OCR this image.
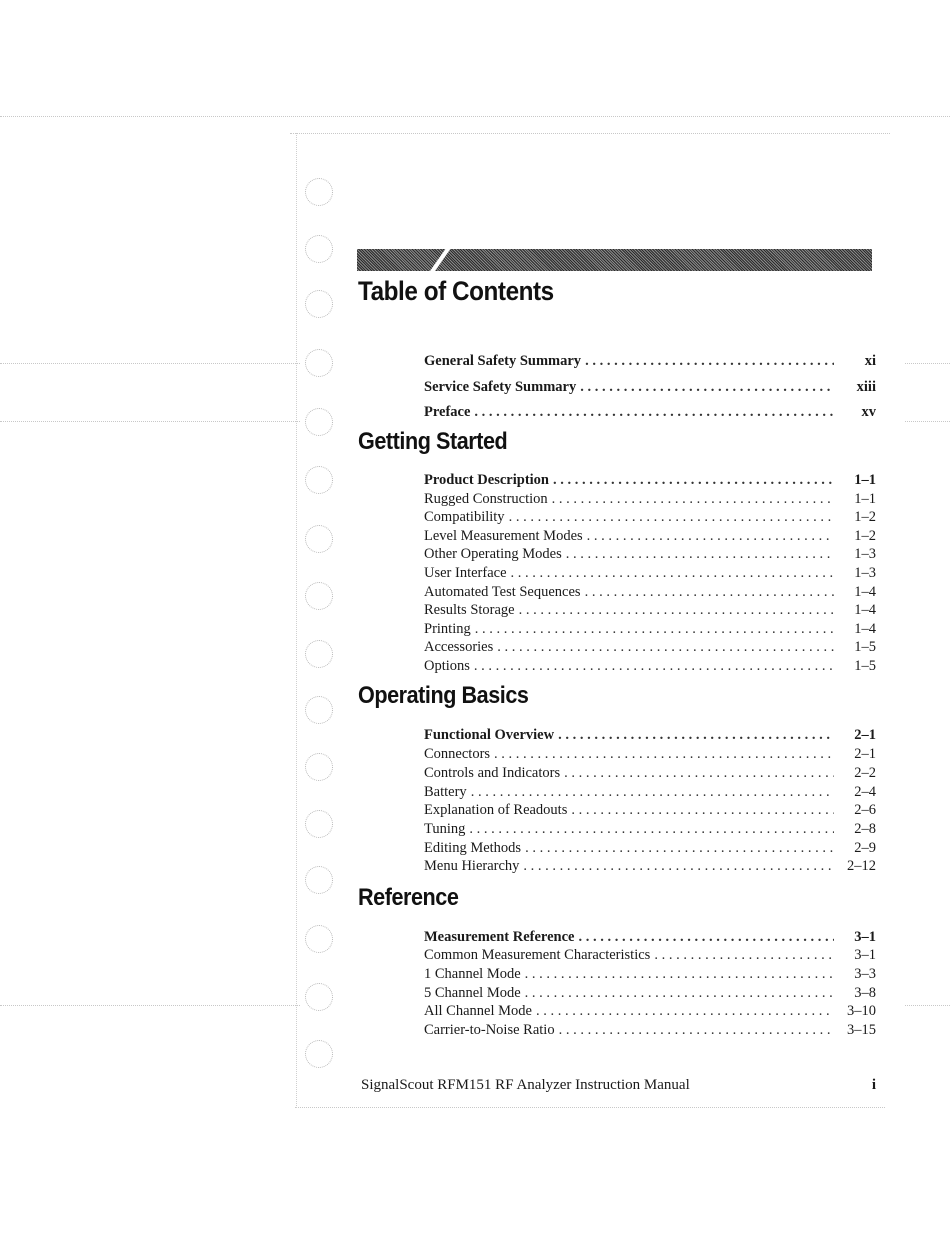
Table of Contents
General Safety Summary . . .	xi
Service Safety Summary . . .	xiii
Preface . . .	xv
Getting Started
Product Description . . .	1–1
Rugged Construction . . .	1–1
Compatibility . . .	1–2
Level Measurement Modes . . .	1–2
Other Operating Modes . . .	1–3
User Interface . . .	1–3
Automated Test Sequences . . .	1–4
Results Storage . . .	1–4
Printing . . .	1–4
Accessories . . .	1–5
Options . . .	1–5
Operating Basics
Functional Overview . . .	2–1
Connectors . . .	2–1
Controls and Indicators . . .	2–2
Battery . . .	2–4
Explanation of Readouts . . .	2–6
Tuning . . .	2–8
Editing Methods . . .	2–9
Menu Hierarchy . . .	2–12
Reference
Measurement Reference . . .	3–1
Common Measurement Characteristics . . .	3–1
1 Channel Mode . . .	3–3
5 Channel Mode . . .	3–8
All Channel Mode . . .	3–10
Carrier-to-Noise Ratio . . .	3–15
SignalScout RFM151 RF Analyzer Instruction Manual	i
